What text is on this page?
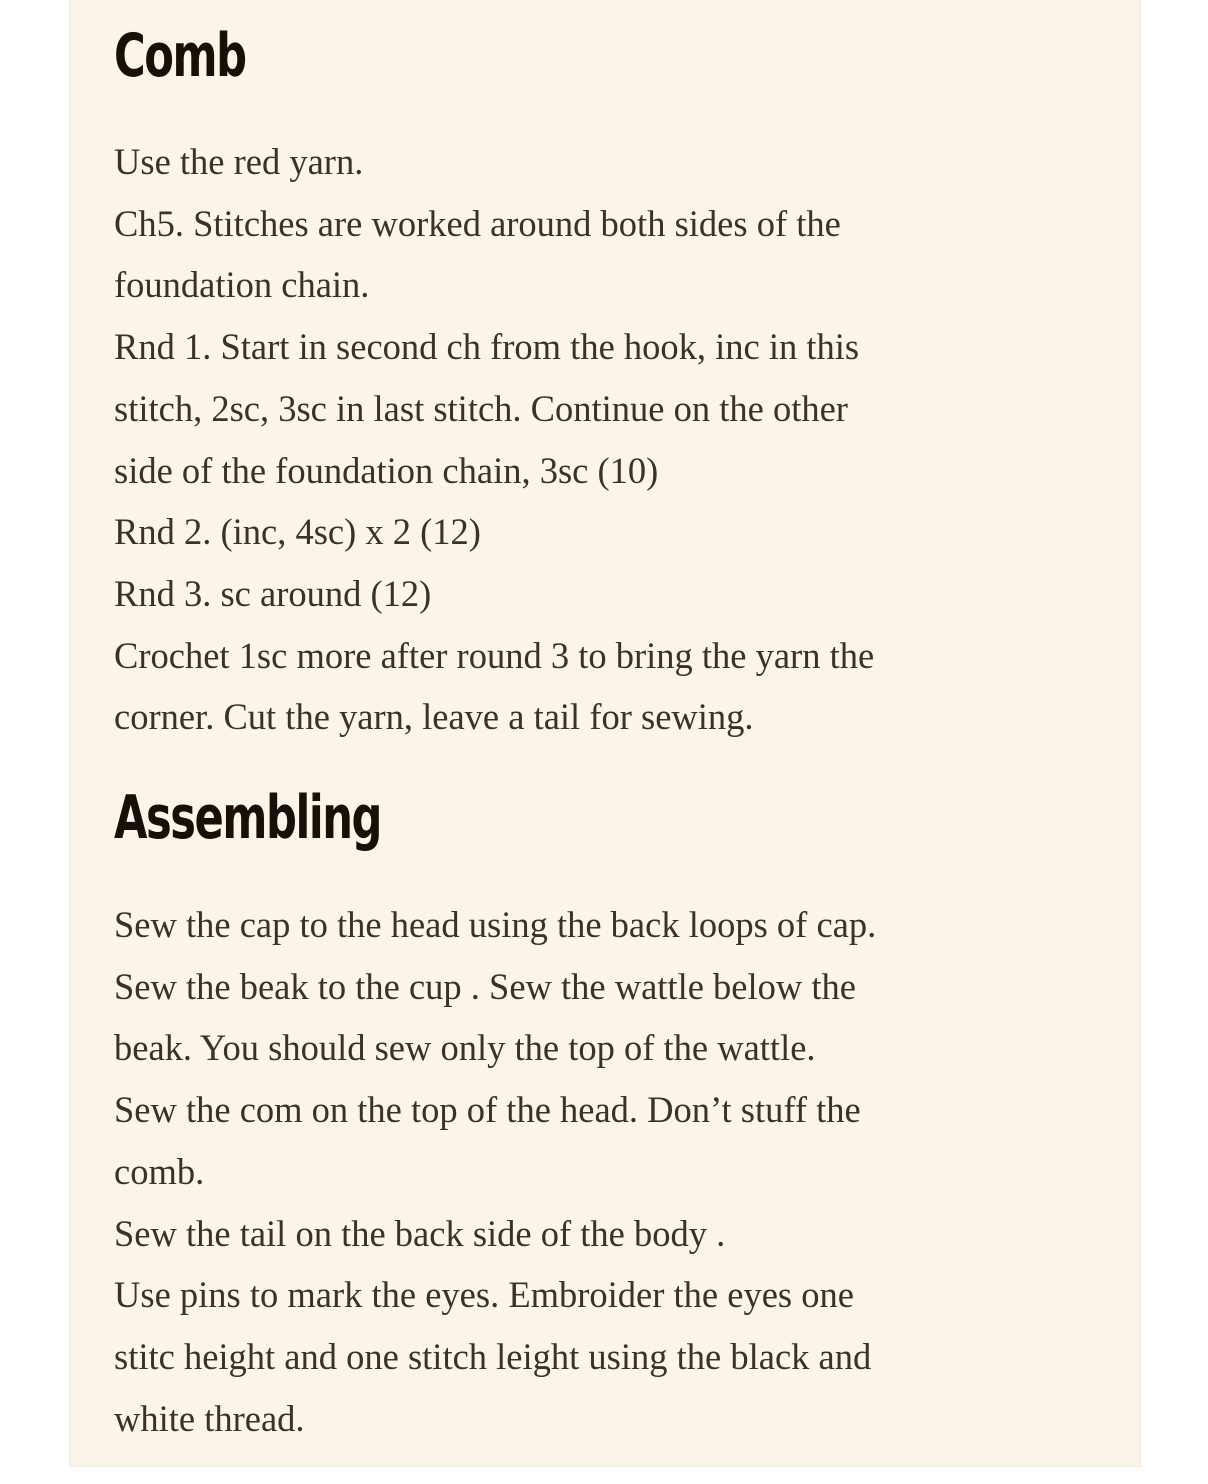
Comb

Use the red yarn.
Ch5. Stitches are worked around both sides of the
foundation chain.
Rnd 1. Start in second ch from the hook, inc in this
stitch, 2sc, 3sc in last stitch. Continue on the other
side of the foundation chain, 3sc (10)
Rnd 2. (inc, 4sc) x 2 (12)
Rnd 3. sc around (12)
Crochet 1sc more after round 3 to bring the yarn the
corner. Cut the yarn, leave a tail for sewing.

Assembling

Sew the cap to the head using the back loops of cap.
Sew the beak to the cup . Sew the wattle below the
beak. You should sew only the top of the wattle.
Sew the com on the top of the head. Don’t stuff the
comb.
Sew the tail on the back side of the body .
Use pins to mark the eyes. Embroider the eyes one
stitc height and one stitch leight using the black and
white thread.
